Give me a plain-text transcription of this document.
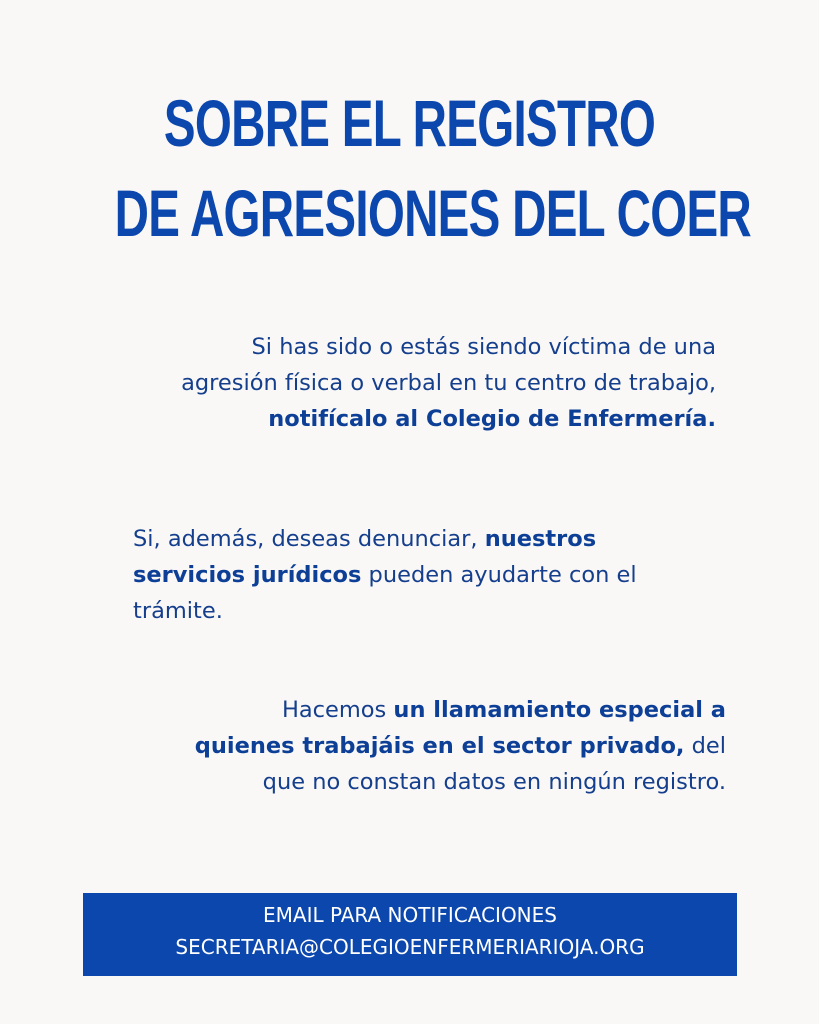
SOBRE EL REGISTRO
DE AGRESIONES DEL COER
Si has sido o estás siendo víctima de una
agresión física o verbal en tu centro de trabajo,
notifícalo al Colegio de Enfermería.
Si, además, deseas denunciar, nuestros
servicios jurídicos pueden ayudarte con el
trámite.
Hacemos un llamamiento especial a
quienes trabajáis en el sector privado, del
que no constan datos en ningún registro.
EMAIL PARA NOTIFICACIONES
SECRETARIA@COLEGIOENFERMERIARIOJA.ORG
